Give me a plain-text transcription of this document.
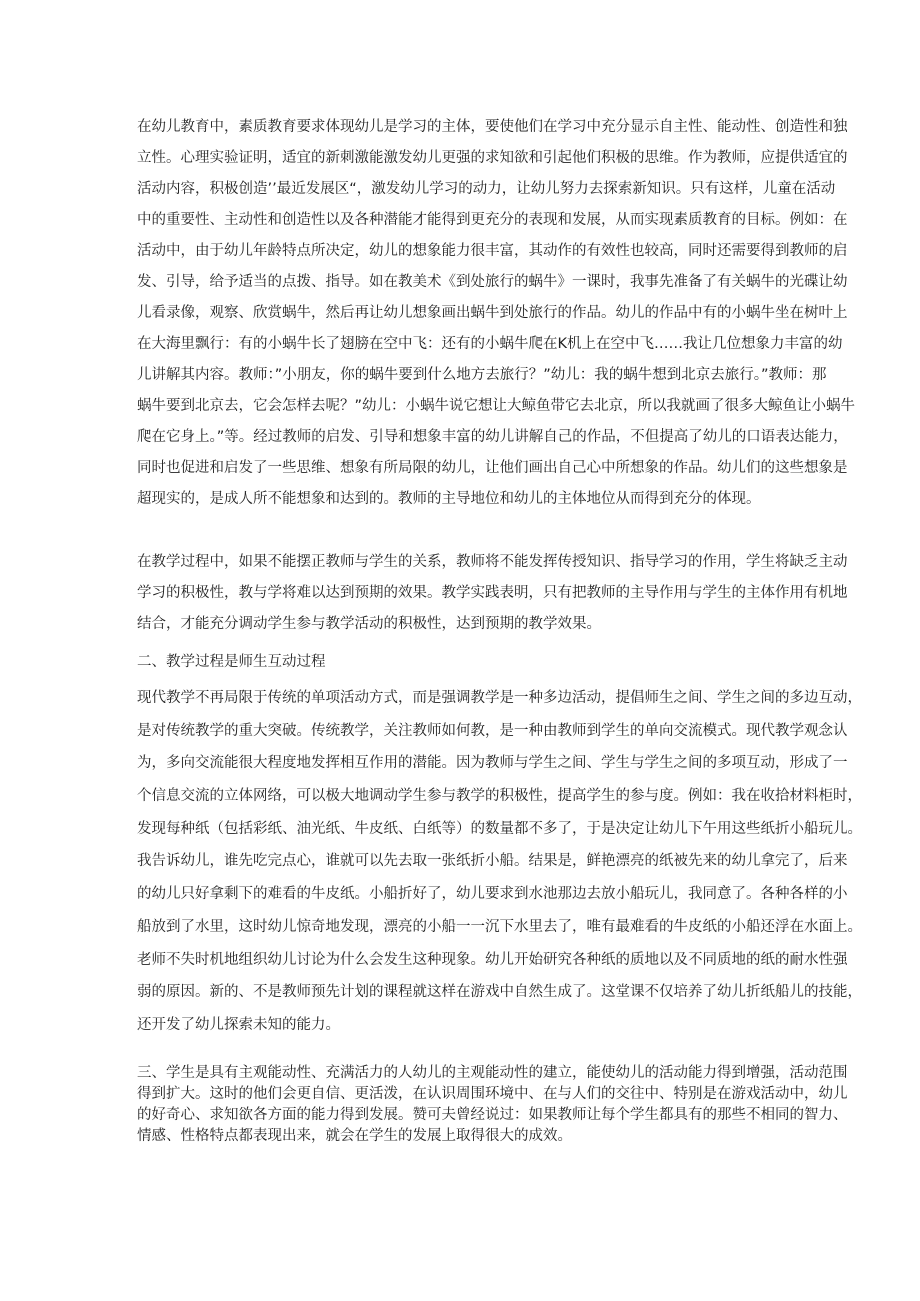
在幼儿教育中，素质教育要求体现幼儿是学习的主体，要使他们在学习中充分显示自主性、能动性、创造性和独
立性。心理实验证明，适宜的新刺激能激发幼儿更强的求知欲和引起他们积极的思维。作为教师，应提供适宜的
活动内容，积极创造’’最近发展区“，激发幼儿学习的动力，让幼儿努力去探索新知识。只有这样，儿童在活动
中的重要性、主动性和创造性以及各种潜能才能得到更充分的表现和发展，从而实现素质教育的目标。例如：在
活动中，由于幼儿年龄特点所决定，幼儿的想象能力很丰富，其动作的有效性也较高，同时还需要得到教师的启
发、引导，给予适当的点拨、指导。如在教美术《到处旅行的蜗牛》一课时，我事先准备了有关蜗牛的光碟让幼
儿看录像，观察、欣赏蜗牛，然后再让幼儿想象画出蜗牛到处旅行的作品。幼儿的作品中有的小蜗牛坐在树叶上
在大海里飘行：有的小蜗牛长了翅膀在空中飞：还有的小蜗牛爬在K机上在空中飞……我让几位想象力丰富的幼
儿讲解其内容。教师：”小朋友，你的蜗牛要到什么地方去旅行？”幼儿：我的蜗牛想到北京去旅行。”教师：那
蜗牛要到北京去，它会怎样去呢？”幼儿：小蜗牛说它想让大鲸鱼带它去北京，所以我就画了很多大鲸鱼让小蜗牛
爬在它身上。”等。经过教师的启发、引导和想象丰富的幼儿讲解自己的作品，不但提高了幼儿的口语表达能力，
同时也促进和启发了一些思维、想象有所局限的幼儿，让他们画出自己心中所想象的作品。幼儿们的这些想象是
超现实的，是成人所不能想象和达到的。教师的主导地位和幼儿的主体地位从而得到充分的体现。
在教学过程中，如果不能摆正教师与学生的关系，教师将不能发挥传授知识、指导学习的作用，学生将缺乏主动
学习的积极性，教与学将难以达到预期的效果。教学实践表明，只有把教师的主导作用与学生的主体作用有机地
结合，才能充分调动学生参与教学活动的积极性，达到预期的教学效果。
二、教学过程是师生互动过程
现代教学不再局限于传统的单项活动方式，而是强调教学是一种多边活动，提倡师生之间、学生之间的多边互动，
是对传统教学的重大突破。传统教学，关注教师如何教，是一种由教师到学生的单向交流模式。现代教学观念认
为，多向交流能很大程度地发挥相互作用的潜能。因为教师与学生之间、学生与学生之间的多项互动，形成了一
个信息交流的立体网络，可以极大地调动学生参与教学的积极性，提高学生的参与度。例如：我在收拾材料柜时，
发现每种纸（包括彩纸、油光纸、牛皮纸、白纸等）的数量都不多了，于是决定让幼儿下午用这些纸折小船玩儿。
我告诉幼儿，谁先吃完点心，谁就可以先去取一张纸折小船。结果是，鲜艳漂亮的纸被先来的幼儿拿完了，后来
的幼儿只好拿剩下的难看的牛皮纸。小船折好了，幼儿要求到水池那边去放小船玩儿，我同意了。各种各样的小
船放到了水里，这时幼儿惊奇地发现，漂亮的小船一一沉下水里去了，唯有最难看的牛皮纸的小船还浮在水面上。
老师不失时机地组织幼儿讨论为什么会发生这种现象。幼儿开始研究各种纸的质地以及不同质地的纸的耐水性强
弱的原因。新的、不是教师预先计划的课程就这样在游戏中自然生成了。这堂课不仅培养了幼儿折纸船儿的技能，
还开发了幼儿探索未知的能力。
三、学生是具有主观能动性、充满活力的人幼儿的主观能动性的建立，能使幼儿的活动能力得到增强，活动范围
得到扩大。这时的他们会更自信、更活泼，在认识周围环境中、在与人们的交往中、特别是在游戏活动中，幼儿
的好奇心、求知欲各方面的能力得到发展。赞可夫曾经说过：如果教师让每个学生都具有的那些不相同的智力、
情感、性格特点都表现出来，就会在学生的发展上取得很大的成效。
